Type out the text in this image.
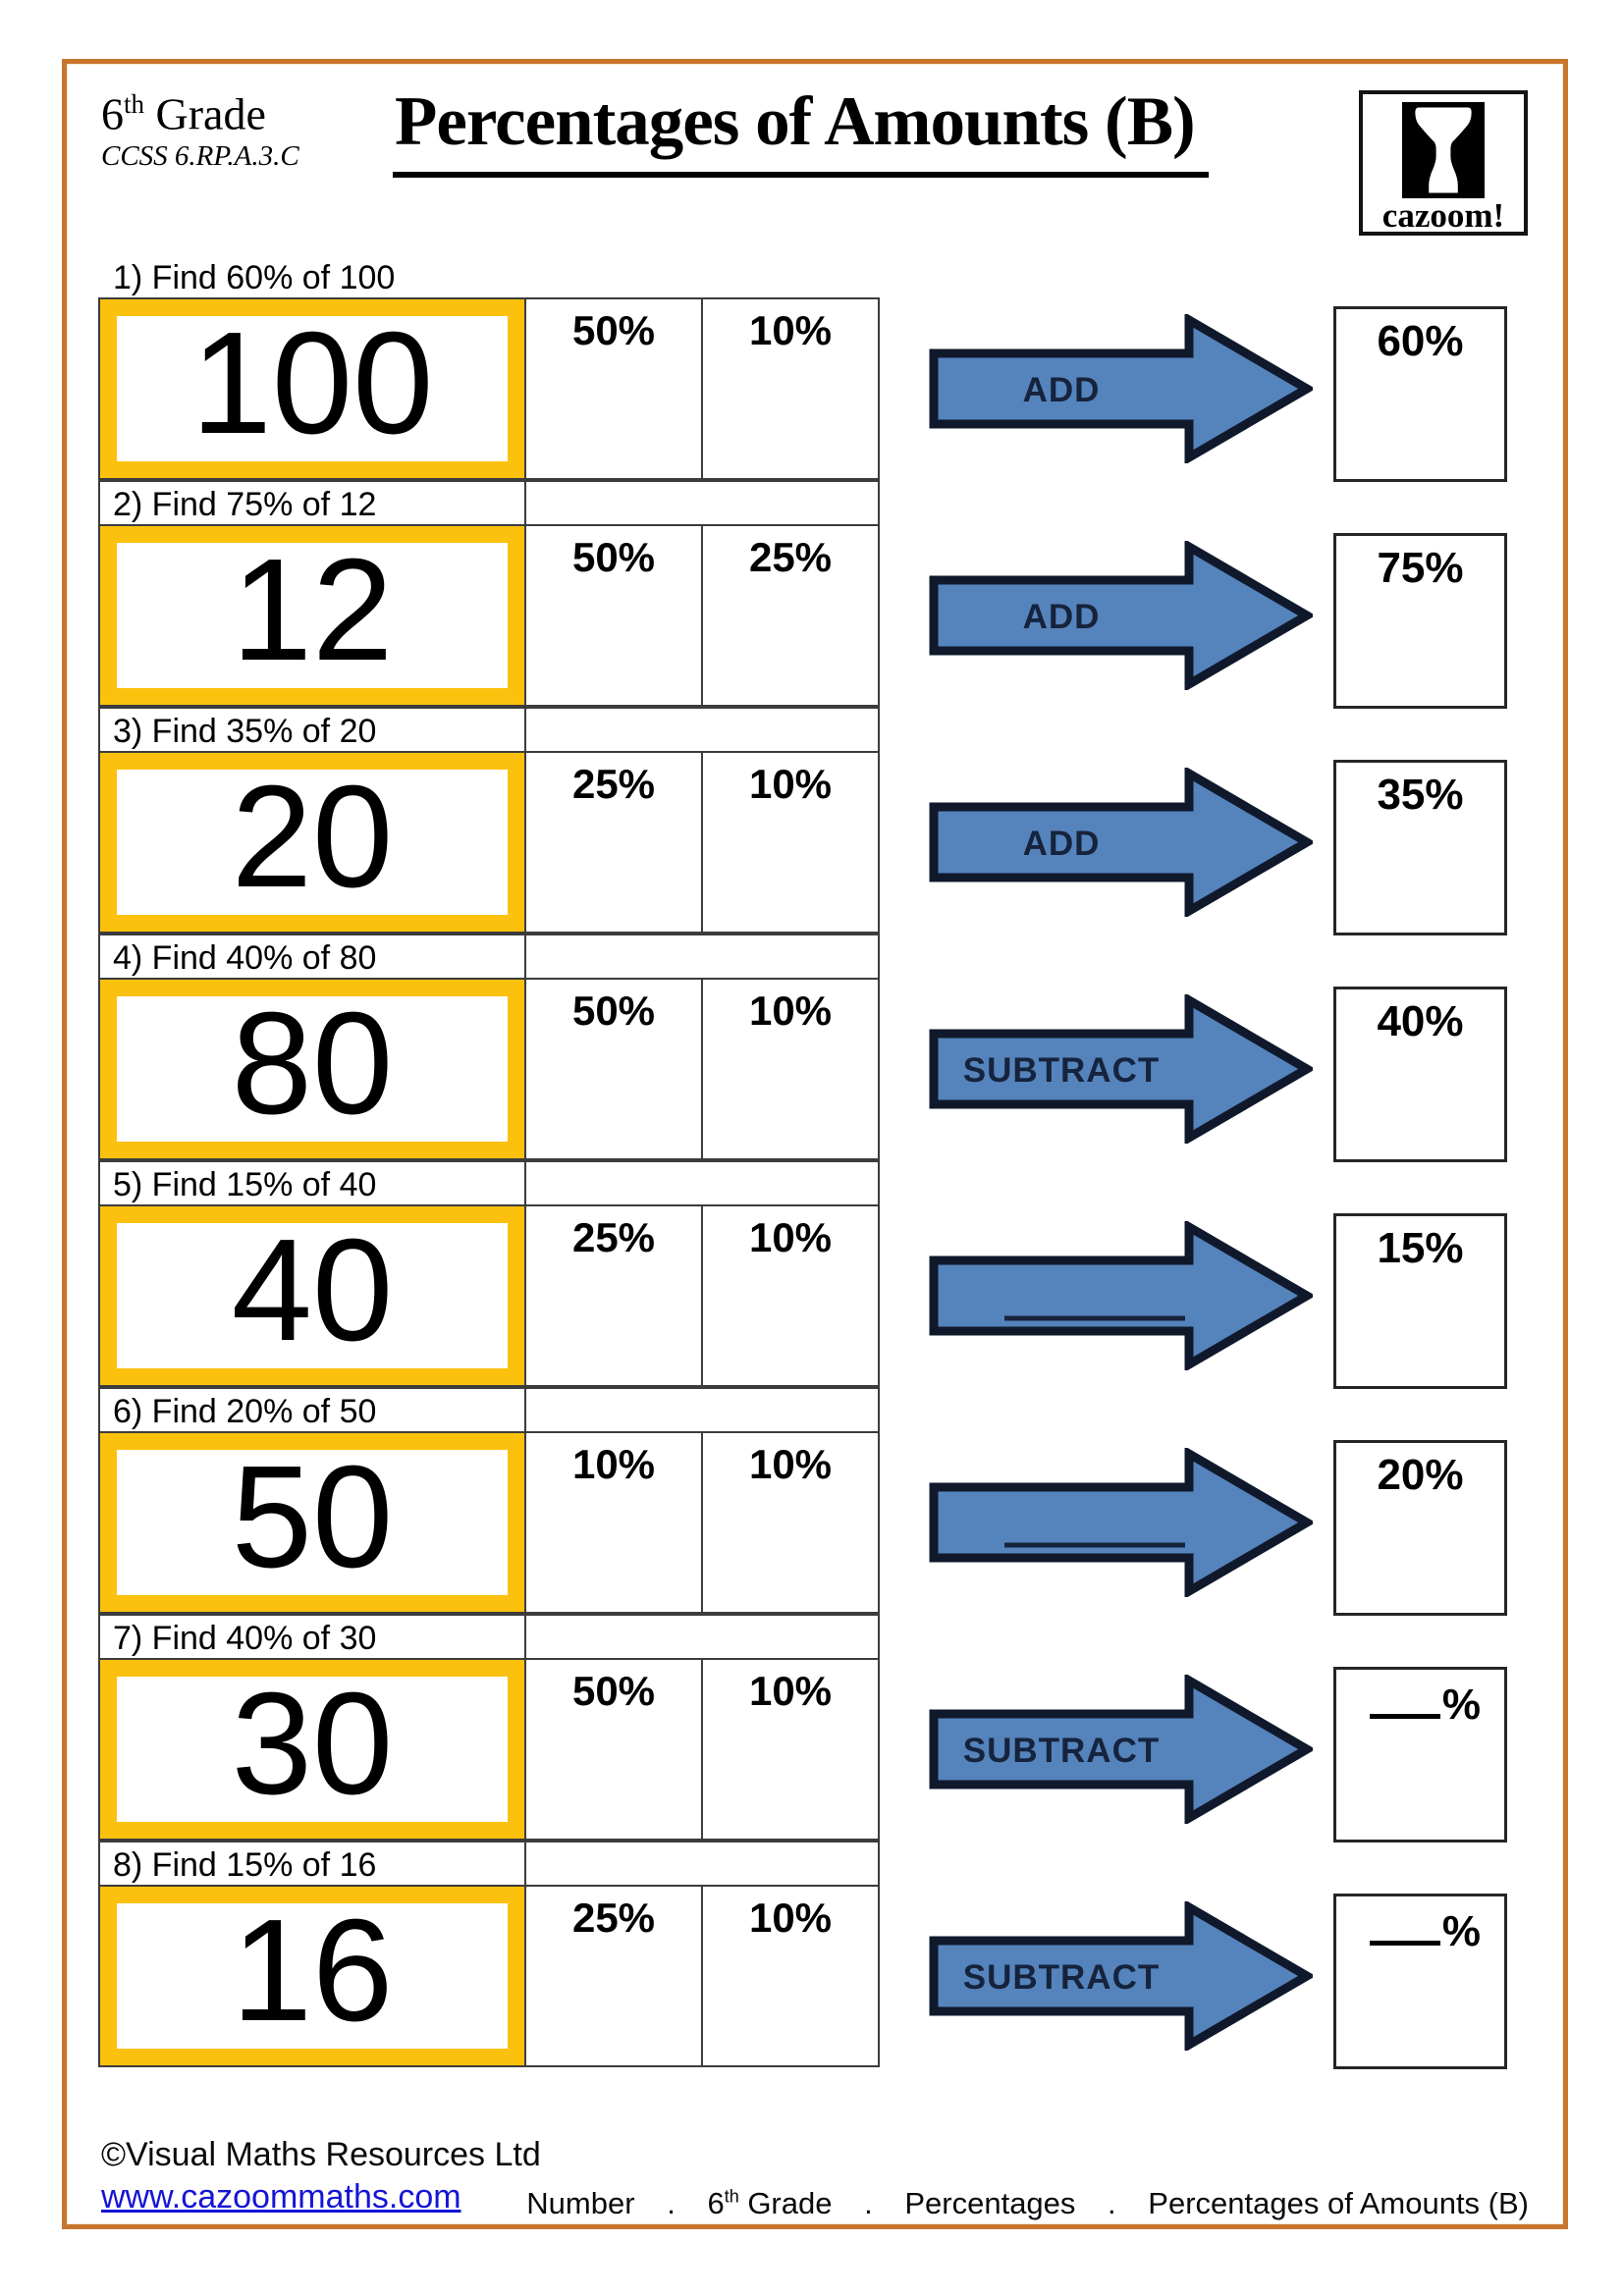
6th Grade
CCSS 6.RP.A.3.C Percentages of Amounts (B)
cazoom!
1) Find 60% of 100
100	50%	10%
ADD
60%
2) Find 75% of 12
12	50%	25%
ADD
75%
3) Find 35% of 20
20	25%	10%
ADD
35%
4) Find 40% of 80
80	50%	10%
SUBTRACT
40%
5) Find 15% of 40
40	25%	10%	15%
6) Find 20% of 50
50	10%	10%	20%
7) Find 40% of 30
30	50%	10%
SUBTRACT
%
8) Find 15% of 16
16	25%	10%
SUBTRACT
%
©Visual Maths Resources Ltd
www.cazoommaths.com Number . 6th Grade . Percentages . Percentages of Amounts (B)
